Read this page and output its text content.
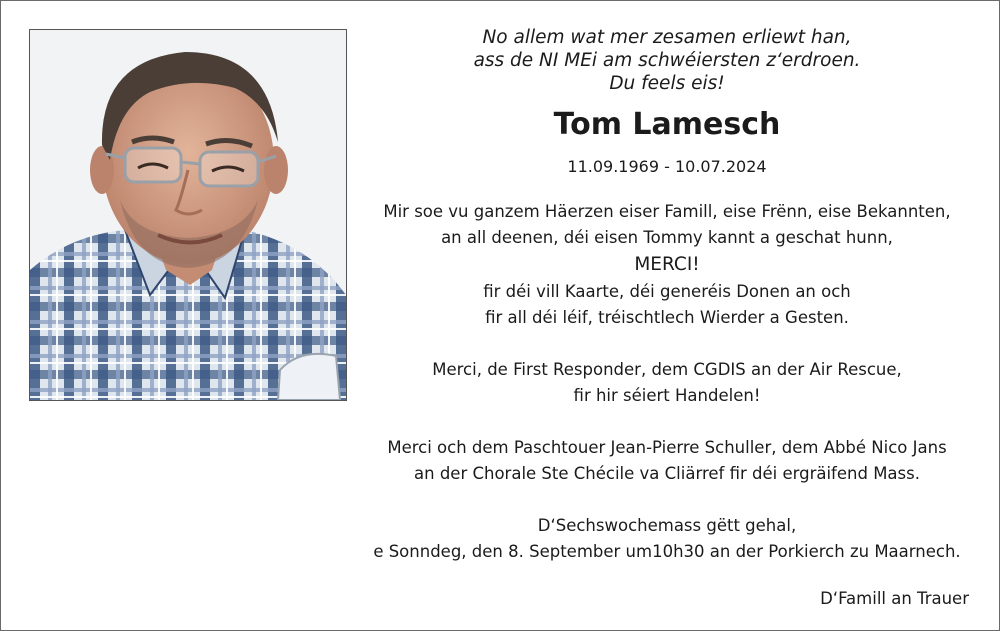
No allem wat mer zesamen erliewt han,
ass de NI MEi am schwéiersten z‘erdroen.
Du feels eis!
Tom Lamesch
11.09.1969 - 10.07.2024
Mir soe vu ganzem Häerzen eiser Famill, eise Frënn, eise Bekannten,
an all deenen, déi eisen Tommy kannt a geschat hunn,
MERCI!
fir déi vill Kaarte, déi generéis Donen an och
fir all déi léif, tréischtlech Wierder a Gesten.
Merci, de First Responder, dem CGDIS an der Air Rescue,
fir hir séiert Handelen!
Merci och dem Paschtouer Jean-Pierre Schuller, dem Abbé Nico Jans
an der Chorale Ste Chécile va Cliärref fir déi ergräifend Mass.
D‘Sechswochemass gëtt gehal,
e Sonndeg, den 8. September um10h30 an der Porkierch zu Maarnech.
D‘Famill an Trauer
